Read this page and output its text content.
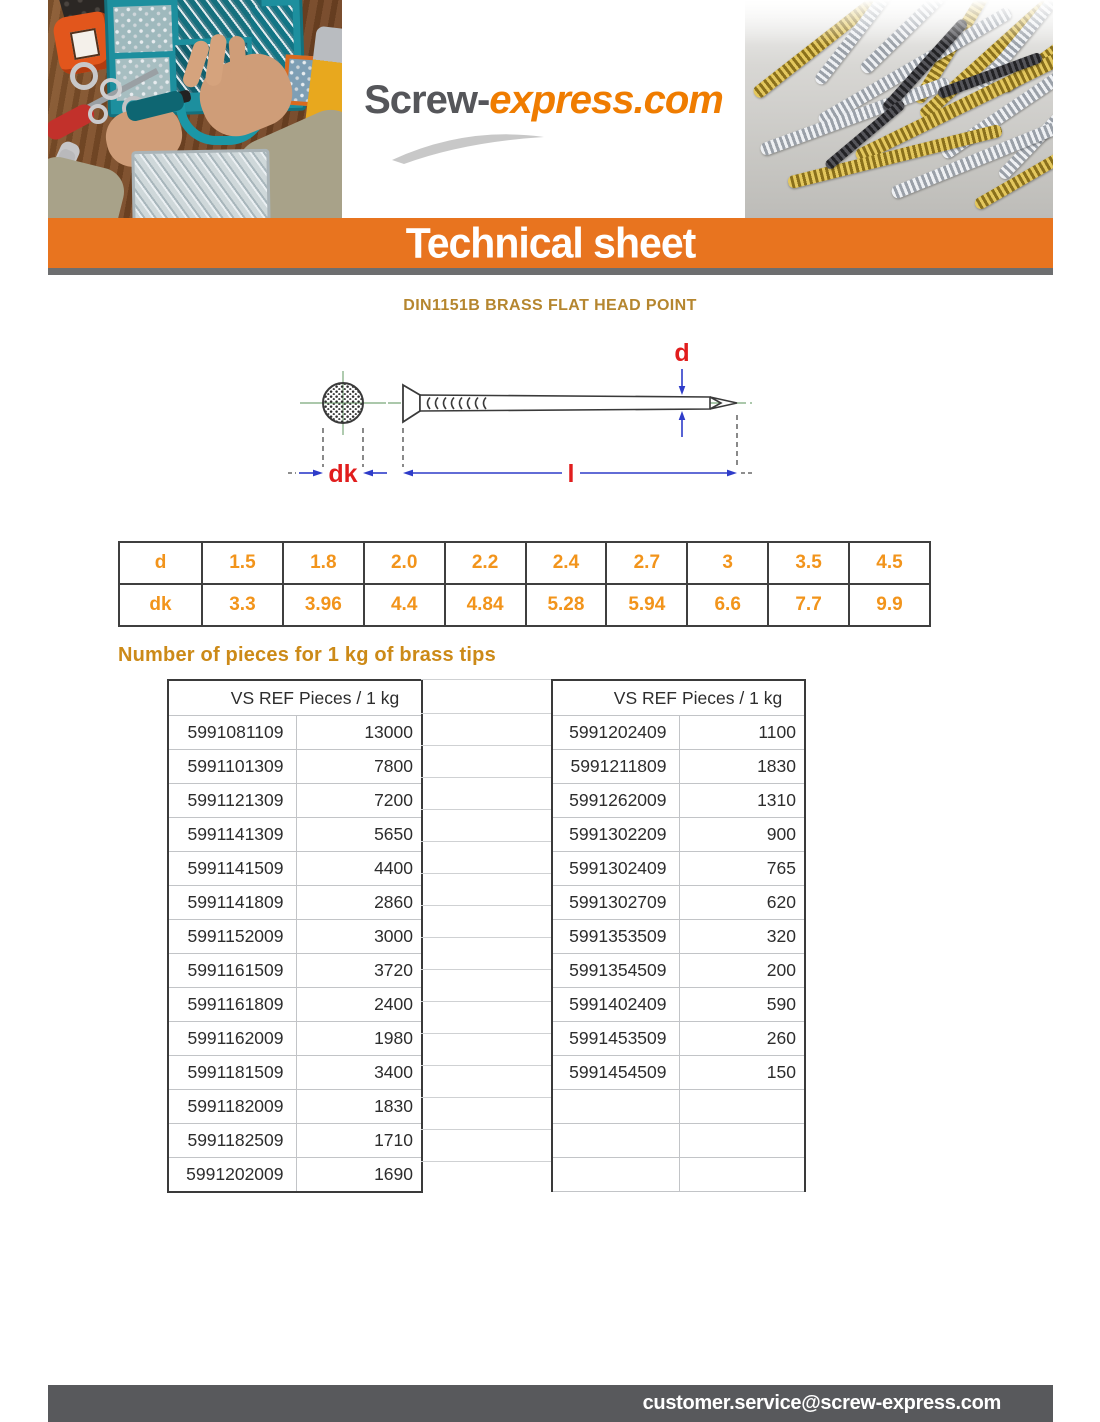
Screw-express.com
Technical sheet
DIN1151B BRASS FLAT HEAD POINT
dk
d
l
d	1.5	1.8	2.0	2.2	2.4	2.7	3	3.5	4.5
dk	3.3	3.96	4.4	4.84	5.28	5.94	6.6	7.7	9.9
Number of pieces for 1 kg of brass tips
VS REF	Pieces / 1 kg
5991081109	13000
5991101309	7800
5991121309	7200
5991141309	5650
5991141509	4400
5991141809	2860
5991152009	3000
5991161509	3720
5991161809	2400
5991162009	1980
5991181509	3400
5991182009	1830
5991182509	1710
5991202009	1690
VS REF	Pieces / 1 kg
5991202409	1100
5991211809	1830
5991262009	1310
5991302209	900
5991302409	765
5991302709	620
5991353509	320
5991354509	200
5991402409	590
5991453509	260
5991454509	150

customer.service@screw-express.com
